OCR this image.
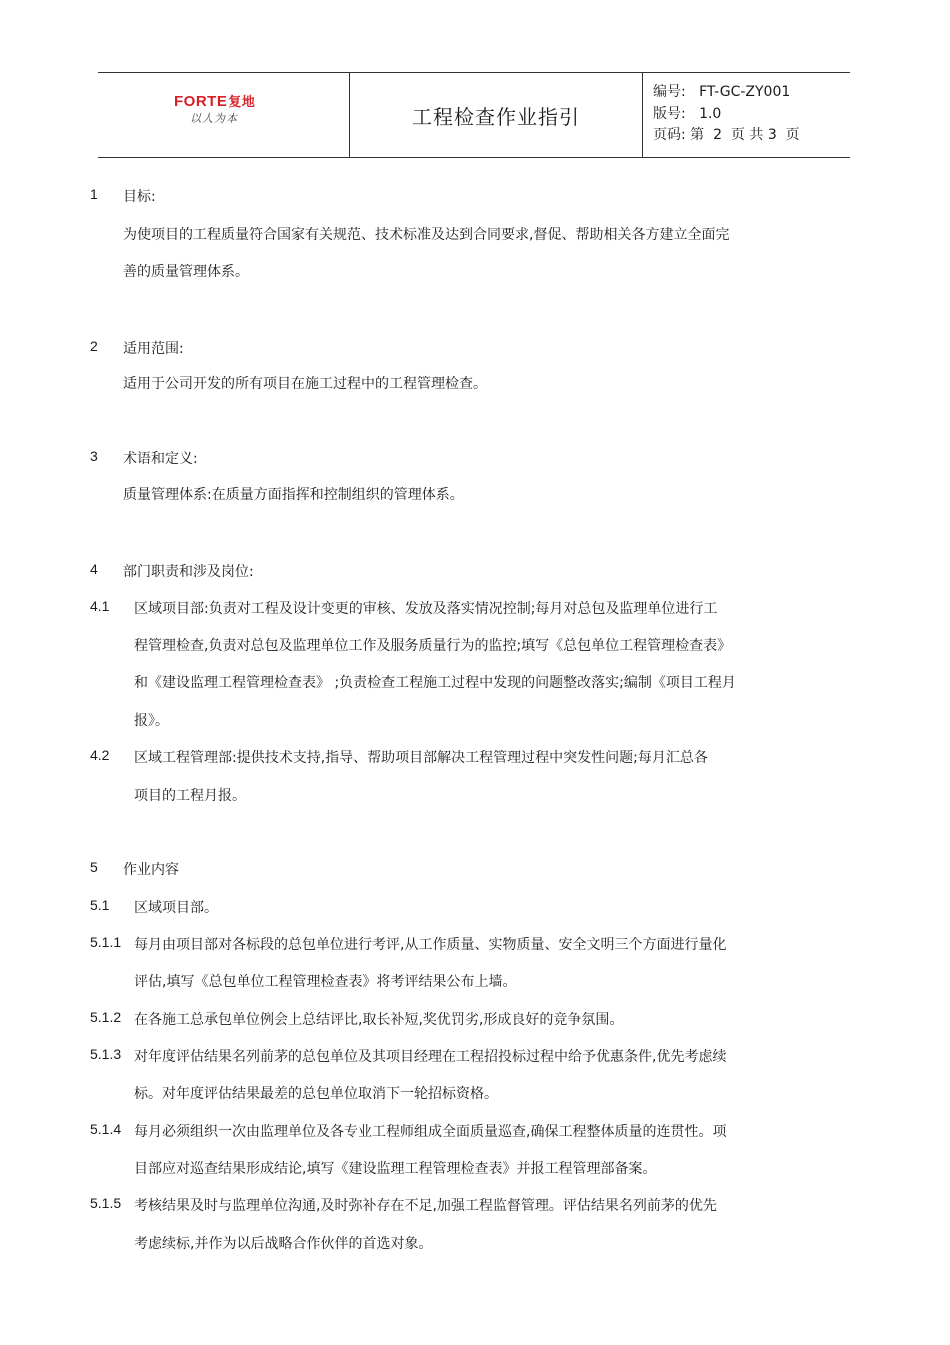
FORTE复地
以人为本	工程检查作业指引
编号: FT-GC-ZY001
版号: 1.0
页码: 第 2 页 共 3 页
1 目标:
为使项目的工程质量符合国家有关规范、技术标准及达到合同要求,督促、帮助相关各方建立全面完
善的质量管理体系。
2 适用范围:
适用于公司开发的所有项目在施工过程中的工程管理检查。
3 术语和定义:
质量管理体系:在质量方面指挥和控制组织的管理体系。
4 部门职责和涉及岗位:
4.1 区域项目部:负责对工程及设计变更的审核、发放及落实情况控制;每月对总包及监理单位进行工
程管理检查,负责对总包及监理单位工作及服务质量行为的监控;填写《总包单位工程管理检查表》
和《建设监理工程管理检查表》 ;负责检查工程施工过程中发现的问题整改落实;编制《项目工程月
报》。
4.2 区域工程管理部:提供技术支持,指导、帮助项目部解决工程管理过程中突发性问题;每月汇总各
项目的工程月报。
5 作业内容
5.1 区域项目部。
5.1.1 每月由项目部对各标段的总包单位进行考评,从工作质量、实物质量、安全文明三个方面进行量化
评估,填写《总包单位工程管理检查表》将考评结果公布上墙。
5.1.2 在各施工总承包单位例会上总结评比,取长补短,奖优罚劣,形成良好的竞争氛围。
5.1.3 对年度评估结果名列前茅的总包单位及其项目经理在工程招投标过程中给予优惠条件,优先考虑续
标。对年度评估结果最差的总包单位取消下一轮招标资格。
5.1.4 每月必须组织一次由监理单位及各专业工程师组成全面质量巡查,确保工程整体质量的连贯性。项
目部应对巡查结果形成结论,填写《建设监理工程管理检查表》并报工程管理部备案。
5.1.5 考核结果及时与监理单位沟通,及时弥补存在不足,加强工程监督管理。评估结果名列前茅的优先
考虑续标,并作为以后战略合作伙伴的首选对象。
